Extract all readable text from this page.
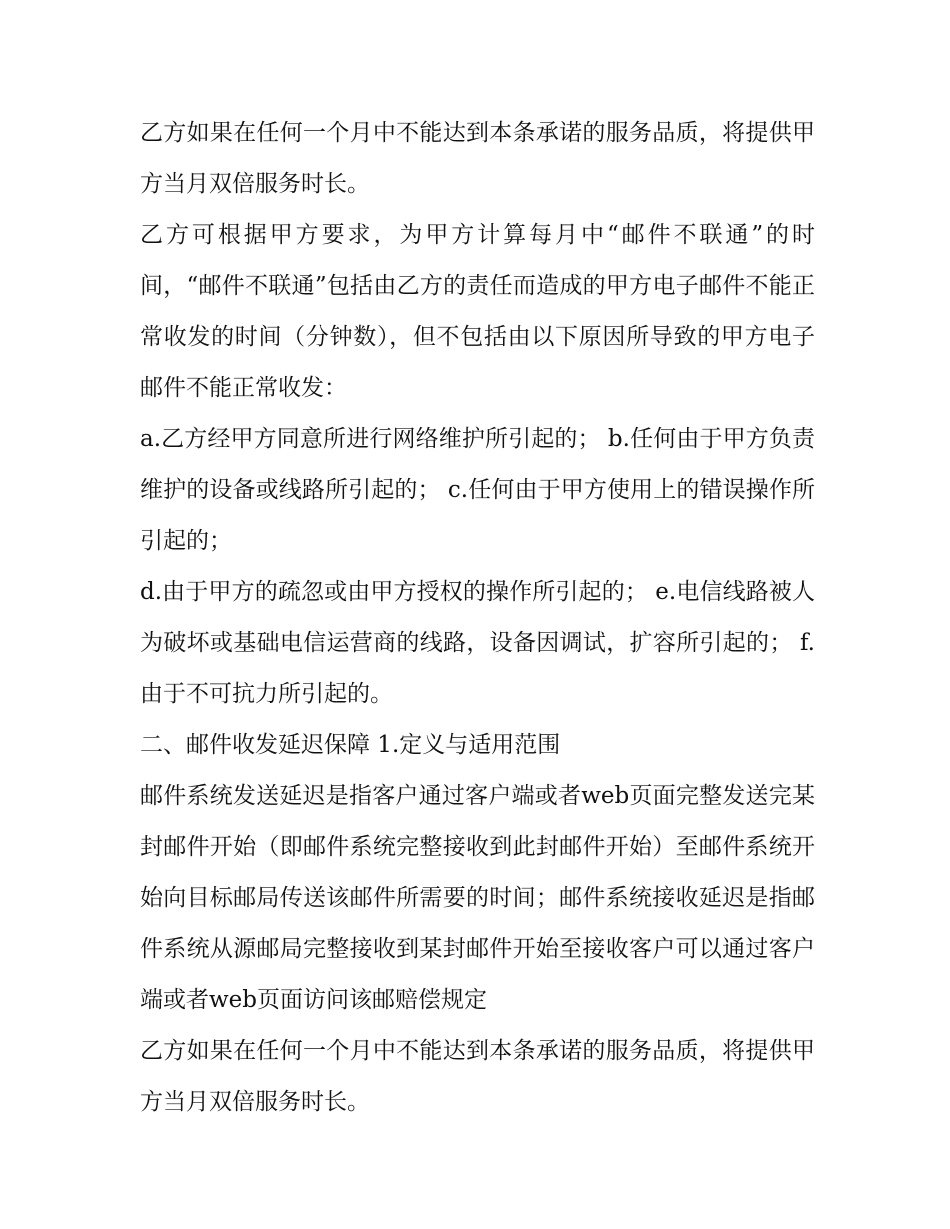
乙方如果在任何一个月中不能达到本条承诺的服务品质，将提供甲方当月双倍服务时长。

乙方可根据甲方要求，为甲方计算每月中“邮件不联通”的时间，“邮件不联通”包括由乙方的责任而造成的甲方电子邮件不能正常收发的时间（分钟数），但不包括由以下原因所导致的甲方电子邮件不能正常收发：

a.乙方经甲方同意所进行网络维护所引起的； b.任何由于甲方负责维护的设备或线路所引起的； c.任何由于甲方使用上的错误操作所引起的；

d.由于甲方的疏忽或由甲方授权的操作所引起的； e.电信线路被人为破坏或基础电信运营商的线路，设备因调试，扩容所引起的； f.由于不可抗力所引起的。

二、邮件收发延迟保障 1.定义与适用范围

邮件系统发送延迟是指客户通过客户端或者web页面完整发送完某封邮件开始（即邮件系统完整接收到此封邮件开始）至邮件系统开始向目标邮局传送该邮件所需要的时间；邮件系统接收延迟是指邮件系统从源邮局完整接收到某封邮件开始至接收客户可以通过客户端或者web页面访问该邮赔偿规定

乙方如果在任何一个月中不能达到本条承诺的服务品质，将提供甲方当月双倍服务时长。
